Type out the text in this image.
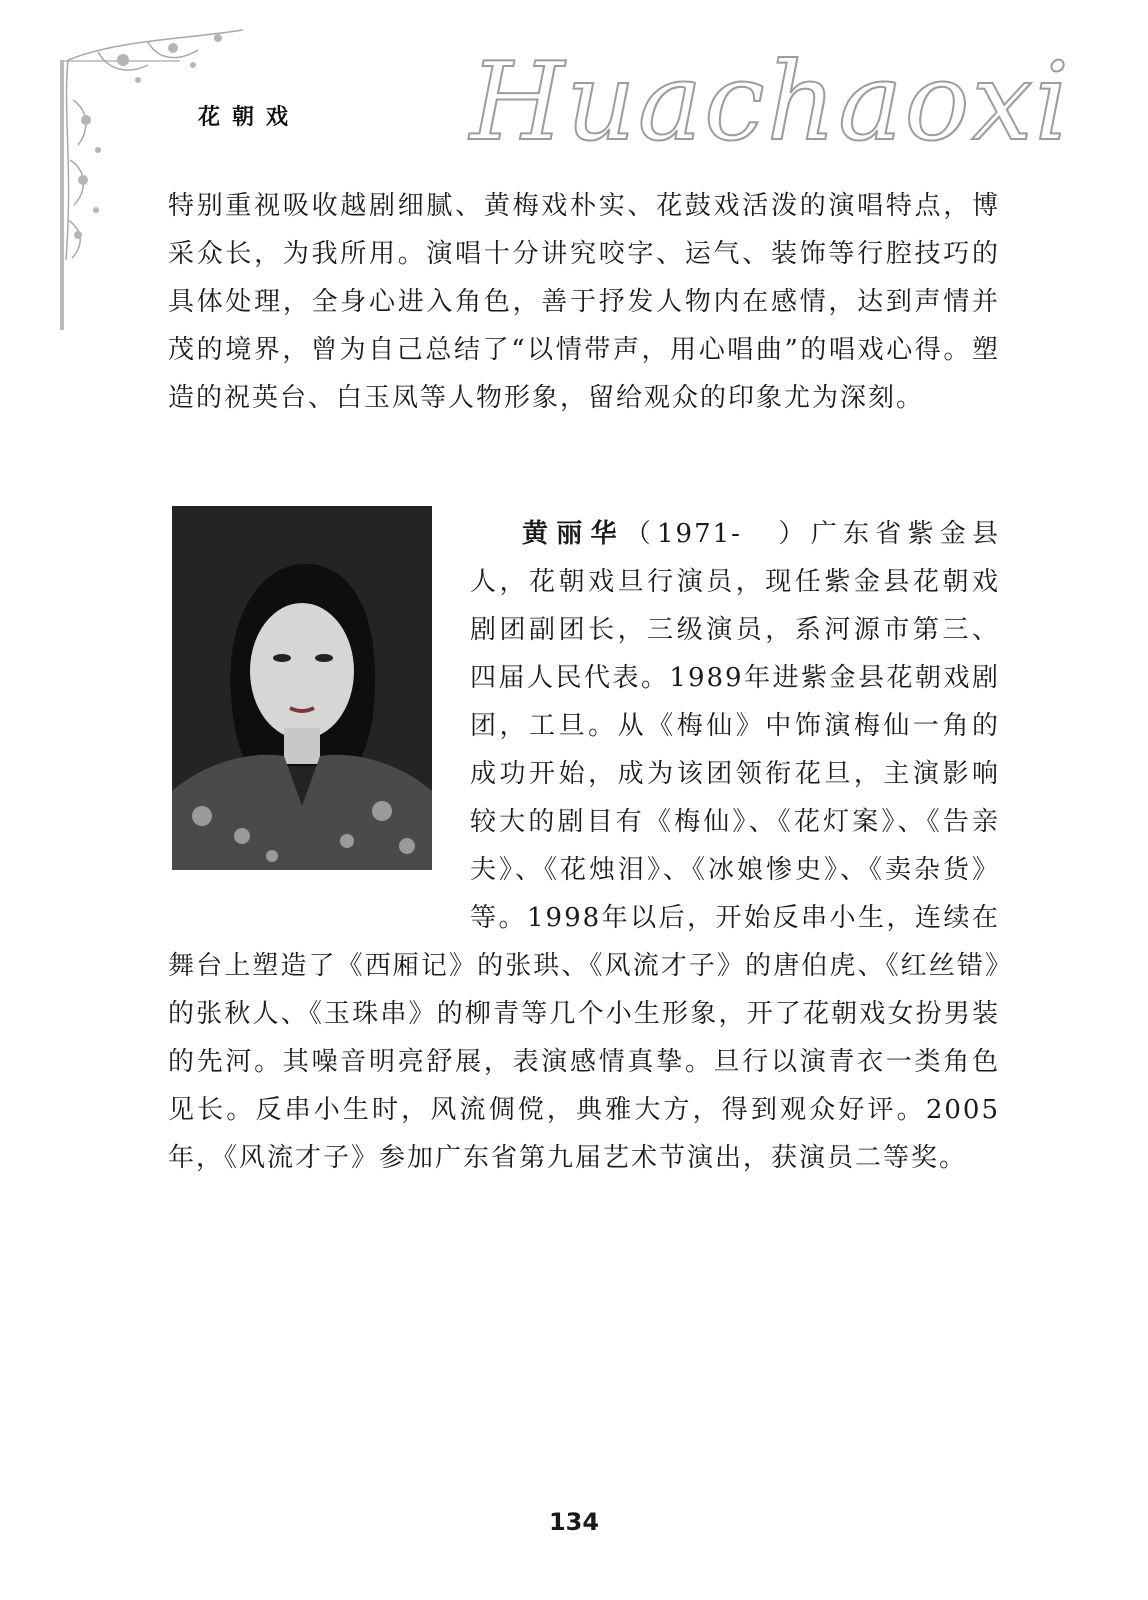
花朝戏 Huachaoxi

特别重视吸收越剧细腻、黄梅戏朴实、花鼓戏活泼的演唱特点，博采众长，为我所用。演唱十分讲究咬字、运气、装饰等行腔技巧的具体处理，全身心进入角色，善于抒发人物内在感情，达到声情并茂的境界，曾为自己总结了“以情带声，用心唱曲”的唱戏心得。塑造的祝英台、白玉凤等人物形象，留给观众的印象尤为深刻。

黄丽华（1971-　）广东省紫金县人，花朝戏旦行演员，现任紫金县花朝戏剧团副团长，三级演员，系河源市第三、四届人民代表。1989年进紫金县花朝戏剧团，工旦。从《梅仙》中饰演梅仙一角的成功开始，成为该团领衔花旦，主演影响较大的剧目有《梅仙》、《花灯案》、《告亲夫》、《花烛泪》、《冰娘惨史》、《卖杂货》等。1998年以后，开始反串小生，连续在舞台上塑造了《西厢记》的张珙、《风流才子》的唐伯虎、《红丝错》的张秋人、《玉珠串》的柳青等几个小生形象，开了花朝戏女扮男装的先河。其噪音明亮舒展，表演感情真挚。旦行以演青衣一类角色见长。反串小生时，风流倜傥，典雅大方，得到观众好评。2005年，《风流才子》参加广东省第九届艺术节演出，获演员二等奖。

134
